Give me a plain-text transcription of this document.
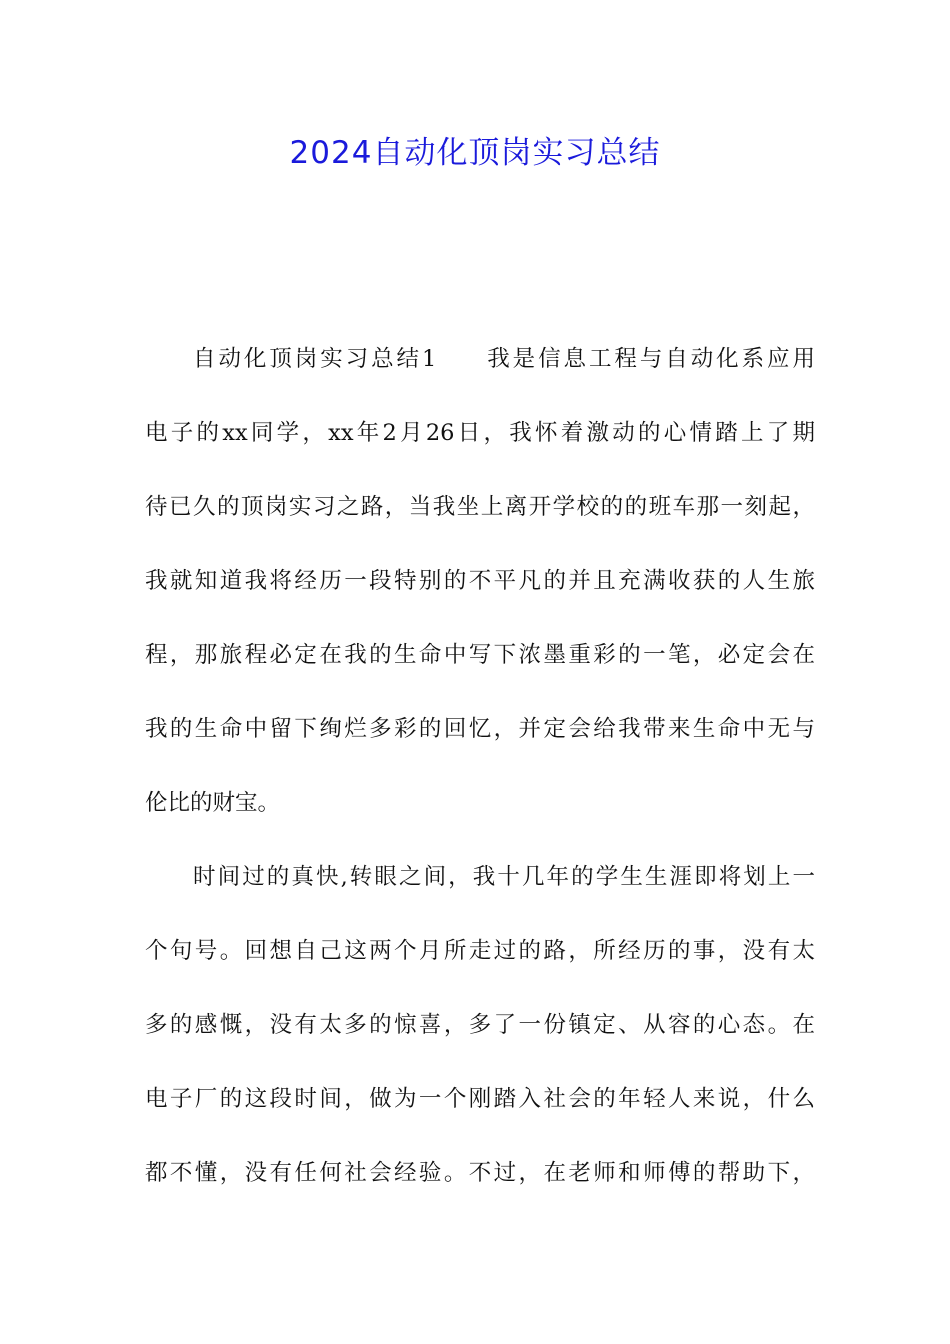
2024自动化顶岗实习总结
自动化顶岗实习总结1 我是信息工程与自动化系应用
电子的xx同学，xx年2月26日，我怀着激动的心情踏上了期
待已久的顶岗实习之路，当我坐上离开学校的的班车那一刻起，
我就知道我将经历一段特别的不平凡的并且充满收获的人生旅
程，那旅程必定在我的生命中写下浓墨重彩的一笔，必定会在
我的生命中留下绚烂多彩的回忆，并定会给我带来生命中无与
伦比的财宝。
时间过的真快,转眼之间，我十几年的学生生涯即将划上一
个句号。回想自己这两个月所走过的路，所经历的事，没有太
多的感慨，没有太多的惊喜，多了一份镇定、从容的心态。在
电子厂的这段时间，做为一个刚踏入社会的年轻人来说，什么
都不懂，没有任何社会经验。不过，在老师和师傅的帮助下，
